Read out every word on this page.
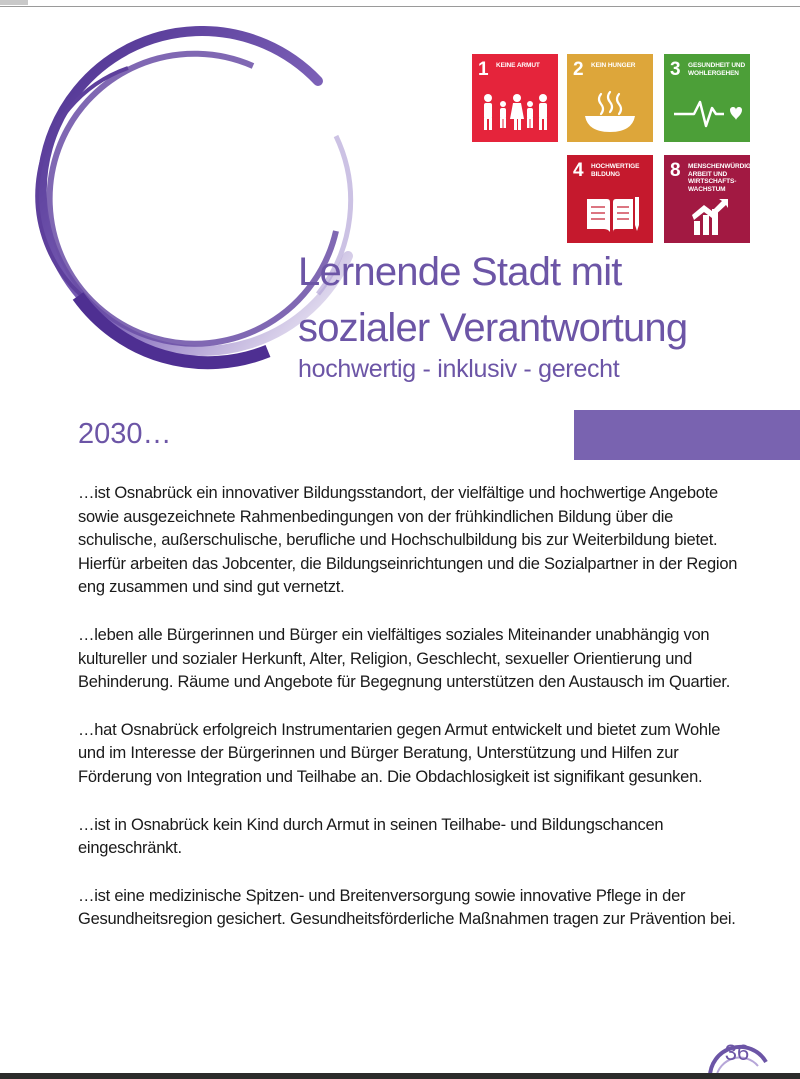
1 KEINE ARMUT	2 KEIN HUNGER	3 GESUNDHEIT UND WOHLERGEHEN
4 HOCHWERTIGE BILDUNG	8 MENSCHENWÜRDIGE ARBEIT UND WIRTSCHAFTS-WACHSTUM
Lernende Stadt mit
sozialer Verantwortung
hochwertig - inklusiv - gerecht
2030…

…ist Osnabrück ein innovativer Bildungsstandort, der vielfältige und hochwertige Angebote sowie ausgezeichnete Rahmenbedingungen von der frühkindlichen Bildung über die schulische, außerschulische, berufliche und Hochschulbildung bis zur Weiterbildung bietet. Hierfür arbeiten das Jobcenter, die Bildungseinrichtungen und die Sozialpartner in der Region eng zusammen und sind gut vernetzt.

…leben alle Bürgerinnen und Bürger ein vielfältiges soziales Miteinander unabhängig von kultureller und sozialer Herkunft, Alter, Religion, Geschlecht, sexueller Orientierung und Behinderung. Räume und Angebote für Begegnung unterstützen den Austausch im Quartier.

…hat Osnabrück erfolgreich Instrumentarien gegen Armut entwickelt und bietet zum Wohle und im Interesse der Bürgerinnen und Bürger Beratung, Unterstützung und Hilfen zur Förderung von Integration und Teilhabe an. Die Obdachlosigkeit ist signifikant gesunken.

…ist in Osnabrück kein Kind durch Armut in seinen Teilhabe- und Bildungschancen eingeschränkt.

…ist eine medizinische Spitzen- und Breitenversorgung sowie innovative Pflege in der Gesundheitsregion gesichert. Gesundheitsförderliche Maßnahmen tragen zur Prävention bei.

36
